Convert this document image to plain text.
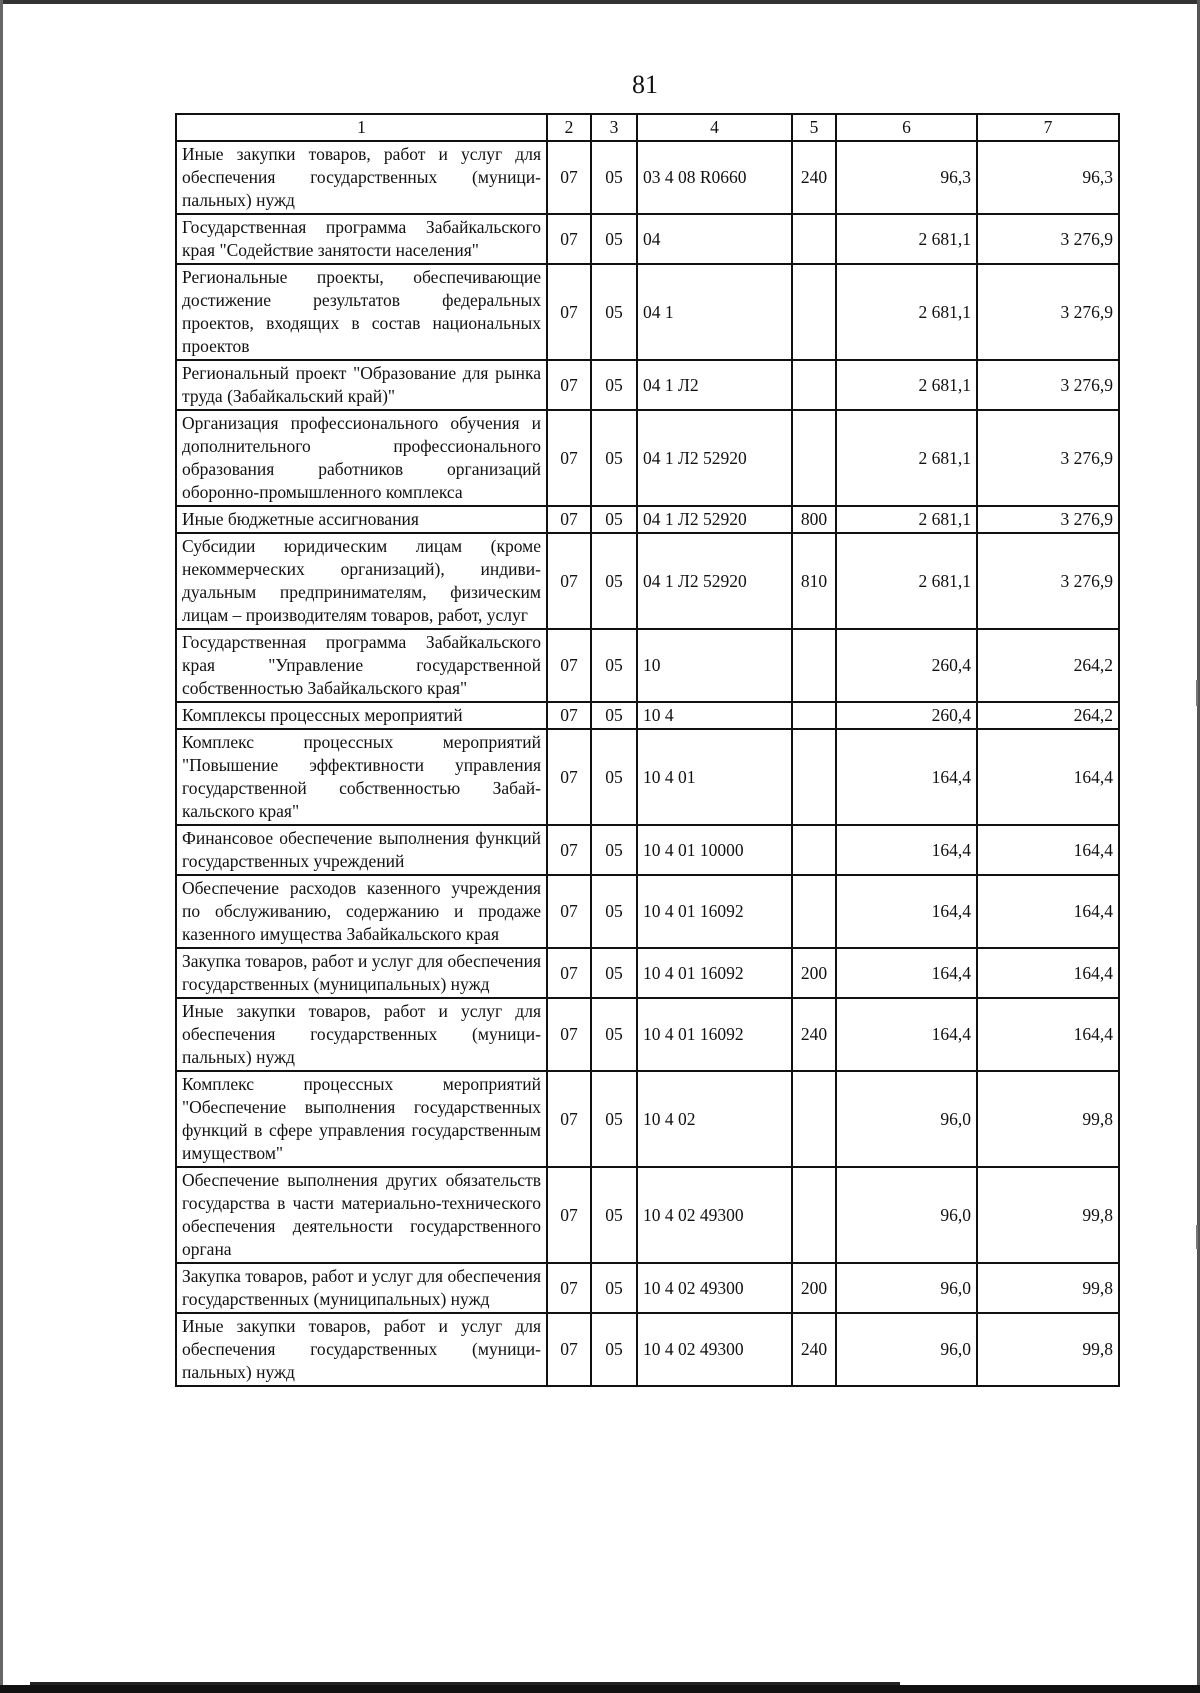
81
1	2	3	4	5	6	7
Иные закупки товаров, работ и услуг для обеспечения государственных (муниципальных) нужд	07	05	03 4 08 R0660	240	96,3	96,3
Государственная программа Забайкальского края "Содействие занятости населения"	07	05	04		2 681,1	3 276,9
Региональные проекты, обеспечивающие достижение результатов федеральных проектов, входящих в состав национальных проектов	07	05	04 1		2 681,1	3 276,9
Региональный проект "Образование для рынка труда (Забайкальский край)"	07	05	04 1 Л2		2 681,1	3 276,9
Организация профессионального обучения и дополнительного профессионального образования работников организаций оборонно-промышленного комплекса	07	05	04 1 Л2 52920		2 681,1	3 276,9
Иные бюджетные ассигнования	07	05	04 1 Л2 52920	800	2 681,1	3 276,9
Субсидии юридическим лицам (кроме некоммерческих организаций), индивидуальным предпринимателям, физическим лицам – производителям товаров, работ, услуг	07	05	04 1 Л2 52920	810	2 681,1	3 276,9
Государственная программа Забайкальского края "Управление государственной собственностью Забайкальского края"	07	05	10		260,4	264,2
Комплексы процессных мероприятий	07	05	10 4		260,4	264,2
Комплекс процессных мероприятий "Повышение эффективности управления государственной собственностью Забайкальского края"	07	05	10 4 01		164,4	164,4
Финансовое обеспечение выполнения функций государственных учреждений	07	05	10 4 01 10000		164,4	164,4
Обеспечение расходов казенного учреждения по обслуживанию, содержанию и продаже казенного имущества Забайкальского края	07	05	10 4 01 16092		164,4	164,4
Закупка товаров, работ и услуг для обеспечения государственных (муниципальных) нужд	07	05	10 4 01 16092	200	164,4	164,4
Иные закупки товаров, работ и услуг для обеспечения государственных (муниципальных) нужд	07	05	10 4 01 16092	240	164,4	164,4
Комплекс процессных мероприятий "Обеспечение выполнения государственных функций в сфере управления государственным имуществом"	07	05	10 4 02		96,0	99,8
Обеспечение выполнения других обязательств государства в части материально-технического обеспечения деятельности государственного органа	07	05	10 4 02 49300		96,0	99,8
Закупка товаров, работ и услуг для обеспечения государственных (муниципальных) нужд	07	05	10 4 02 49300	200	96,0	99,8
Иные закупки товаров, работ и услуг для обеспечения государственных (муниципальных) нужд	07	05	10 4 02 49300	240	96,0	99,8
